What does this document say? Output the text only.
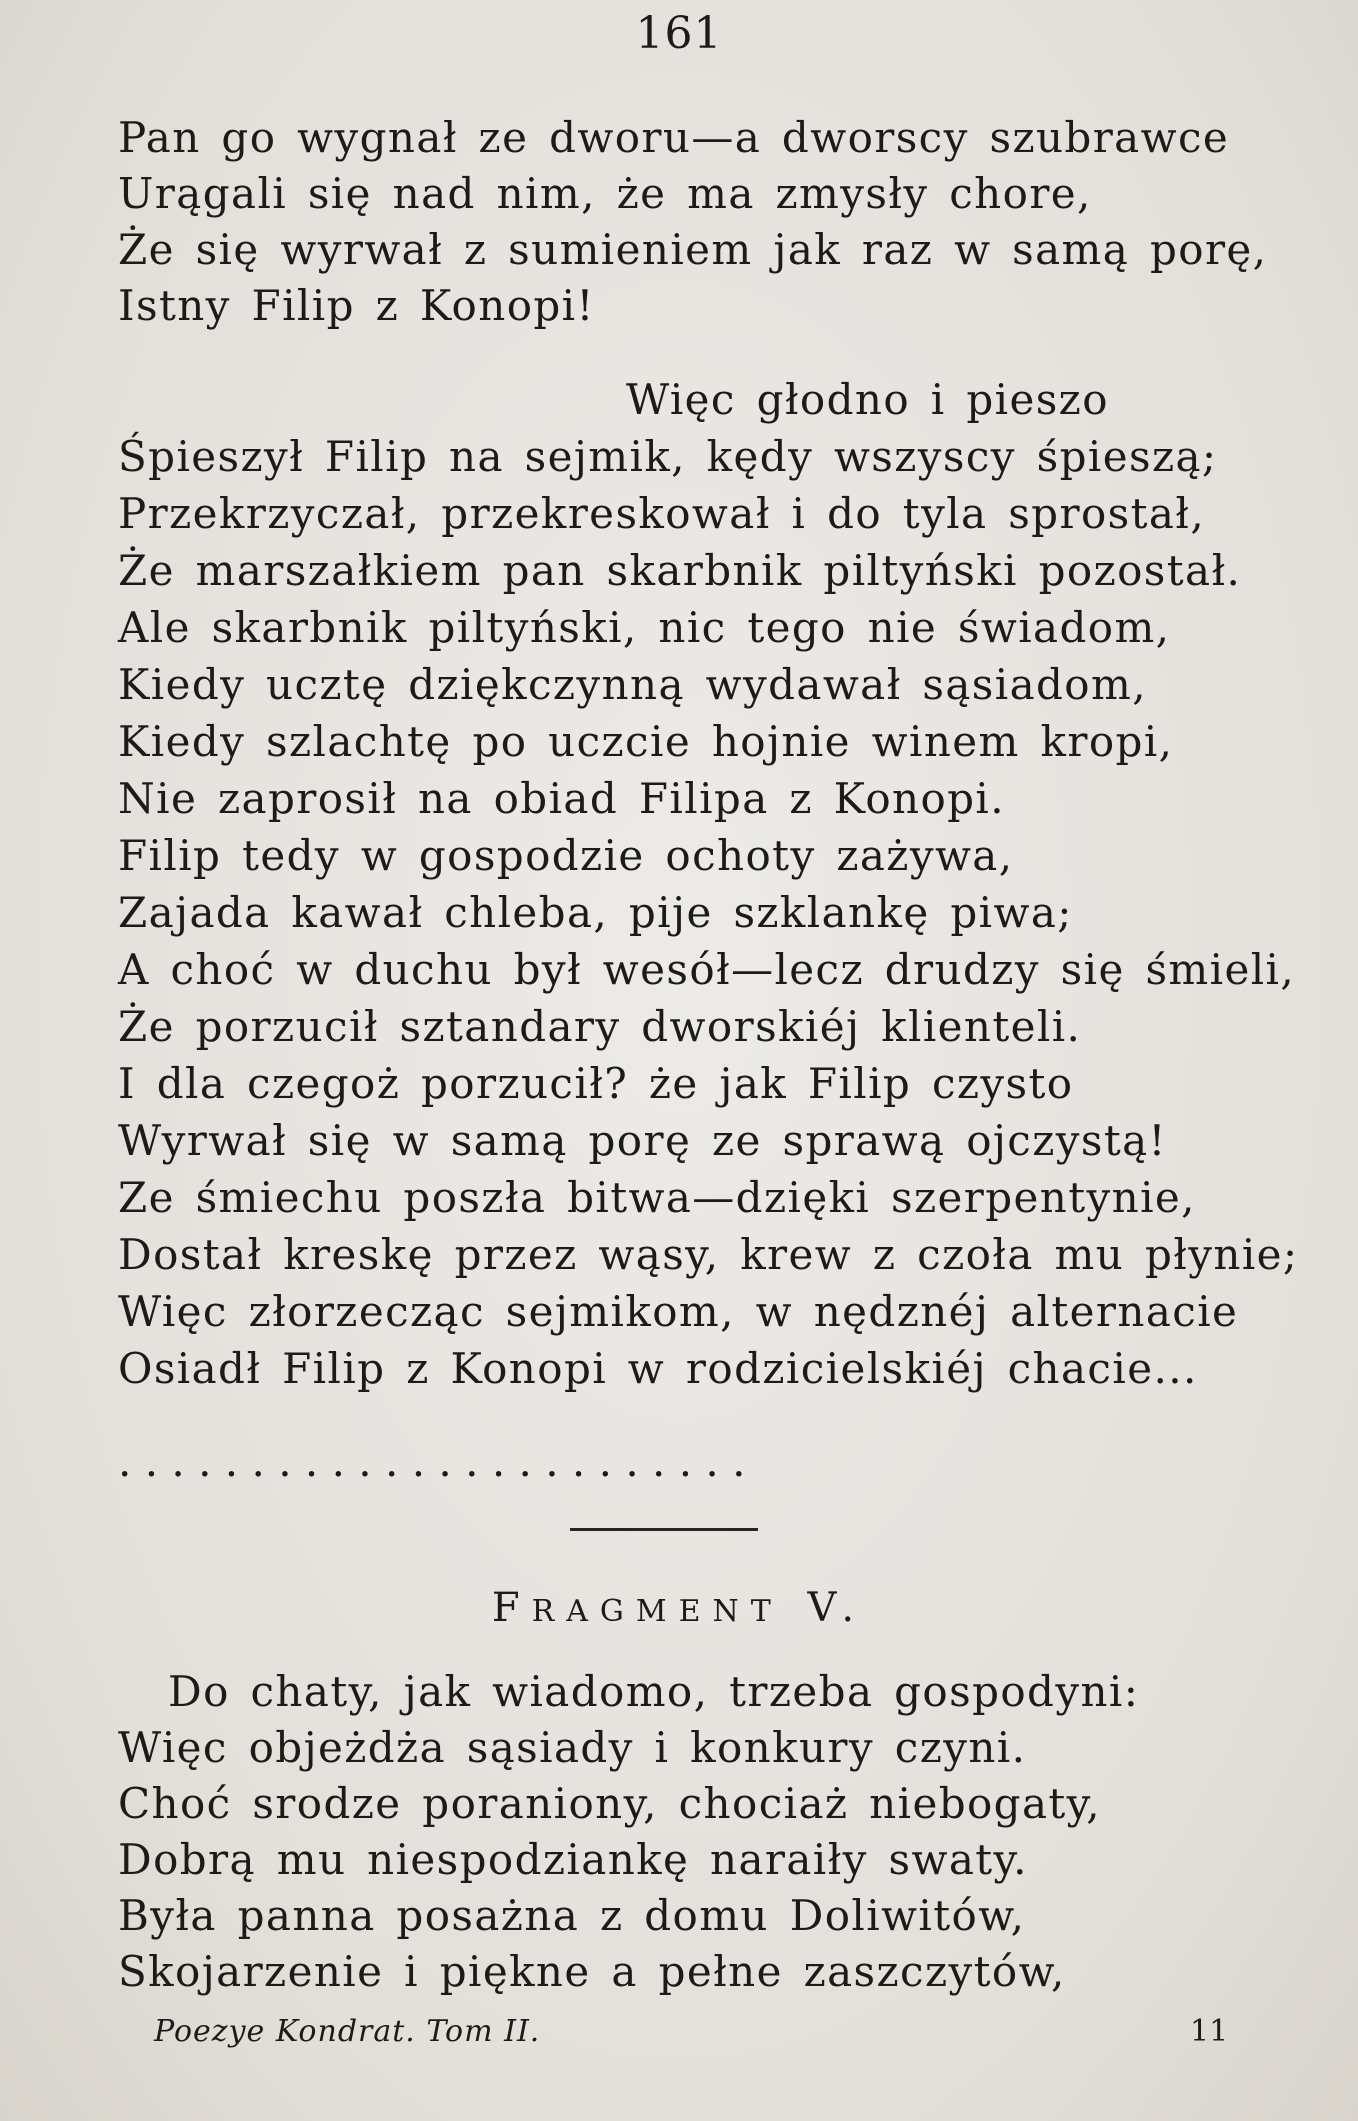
161
Pan go wygnał ze dworu—a dworscy szubrawce
Urągali się nad nim, że ma zmysły chore,
Że się wyrwał z sumieniem jak raz w samą porę,
Istny Filip z Konopi!
Więc głodno i pieszo
Śpieszył Filip na sejmik, kędy wszyscy śpieszą;
Przekrzyczał, przekreskował i do tyla sprostał,
Że marszałkiem pan skarbnik piltyński pozostał.
Ale skarbnik piltyński, nic tego nie świadom,
Kiedy ucztę dziękczynną wydawał sąsiadom,
Kiedy szlachtę po uczcie hojnie winem kropi,
Nie zaprosił na obiad Filipa z Konopi.
Filip tedy w gospodzie ochoty zażywa,
Zajada kawał chleba, pije szklankę piwa;
A choć w duchu był wesół—lecz drudzy się śmieli,
Że porzucił sztandary dworskiéj klienteli.
I dla czegoż porzucił? że jak Filip czysto
Wyrwał się w samą porę ze sprawą ojczystą!
Ze śmiechu poszła bitwa—dzięki szerpentynie,
Dostał kreskę przez wąsy, krew z czoła mu płynie;
Więc złorzecząc sejmikom, w nędznéj alternacie
Osiadł Filip z Konopi w rodzicielskiéj chacie...
. . . . . . . . . . . . . . . . . . . . . . . .
FRAGMENT V.
Do chaty, jak wiadomo, trzeba gospodyni:
Więc objeżdża sąsiady i konkury czyni.
Choć srodze poraniony, chociaż niebogaty,
Dobrą mu niespodziankę naraiły swaty.
Była panna posażna z domu Doliwitów,
Skojarzenie i piękne a pełne zaszczytów,
Poezye Kondrat. Tom II.	11
